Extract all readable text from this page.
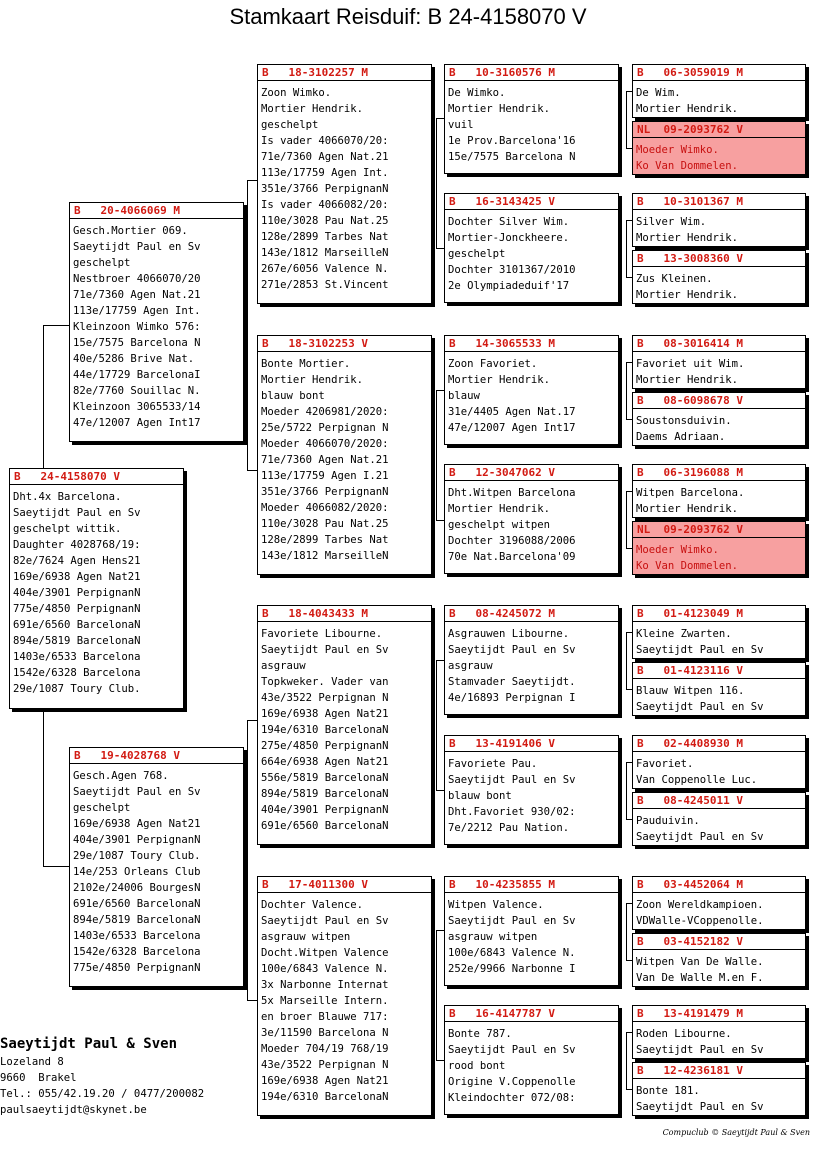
Stamkaart Reisduif: B 24-4158070 V
B   24-4158070 V
Dht.4x Barcelona.
Saeytijdt Paul en Sv
geschelpt wittik.
Daughter 4028768/19:
82e/7624 Agen Hens21
169e/6938 Agen Nat21
404e/3901 PerpignanN
775e/4850 PerpignanN
691e/6560 BarcelonaN
894e/5819 BarcelonaN
1403e/6533 Barcelona
1542e/6328 Barcelona
29e/1087 Toury Club.
B   20-4066069 M
Gesch.Mortier 069.
Saeytijdt Paul en Sv
geschelpt
Nestbroer 4066070/20
71e/7360 Agen Nat.21
113e/17759 Agen Int.
Kleinzoon Wimko 576:
15e/7575 Barcelona N
40e/5286 Brive Nat.
44e/17729 BarcelonaI
82e/7760 Souillac N.
Kleinzoon 3065533/14
47e/12007 Agen Int17
B   19-4028768 V
Gesch.Agen 768.
Saeytijdt Paul en Sv
geschelpt
169e/6938 Agen Nat21
404e/3901 PerpignanN
29e/1087 Toury Club.
14e/253 Orleans Club
2102e/24006 BourgesN
691e/6560 BarcelonaN
894e/5819 BarcelonaN
1403e/6533 Barcelona
1542e/6328 Barcelona
775e/4850 PerpignanN
B   18-3102257 M
Zoon Wimko.
Mortier Hendrik.
geschelpt
Is vader 4066070/20:
71e/7360 Agen Nat.21
113e/17759 Agen Int.
351e/3766 PerpignanN
Is vader 4066082/20:
110e/3028 Pau Nat.25
128e/2899 Tarbes Nat
143e/1812 MarseilleN
267e/6056 Valence N.
271e/2853 St.Vincent
B   18-3102253 V
Bonte Mortier.
Mortier Hendrik.
blauw bont
Moeder 4206981/2020:
25e/5722 Perpignan N
Moeder 4066070/2020:
71e/7360 Agen Nat.21
113e/17759 Agen I.21
351e/3766 PerpignanN
Moeder 4066082/2020:
110e/3028 Pau Nat.25
128e/2899 Tarbes Nat
143e/1812 MarseilleN
B   18-4043433 M
Favoriete Libourne.
Saeytijdt Paul en Sv
asgrauw
Topkweker. Vader van
43e/3522 Perpignan N
169e/6938 Agen Nat21
194e/6310 BarcelonaN
275e/4850 PerpignanN
664e/6938 Agen Nat21
556e/5819 BarcelonaN
894e/5819 BarcelonaN
404e/3901 PerpignanN
691e/6560 BarcelonaN
B   17-4011300 V
Dochter Valence.
Saeytijdt Paul en Sv
asgrauw witpen
Docht.Witpen Valence
100e/6843 Valence N.
3x Narbonne Internat
5x Marseille Intern.
en broer Blauwe 717:
3e/11590 Barcelona N
Moeder 704/19 768/19
43e/3522 Perpignan N
169e/6938 Agen Nat21
194e/6310 BarcelonaN
B   10-3160576 M
De Wimko.
Mortier Hendrik.
vuil
1e Prov.Barcelona'16
15e/7575 Barcelona N
B   16-3143425 V
Dochter Silver Wim.
Mortier-Jonckheere.
geschelpt
Dochter 3101367/2010
2e Olympiadeduif'17
B   14-3065533 M
Zoon Favoriet.
Mortier Hendrik.
blauw
31e/4405 Agen Nat.17
47e/12007 Agen Int17
B   12-3047062 V
Dht.Witpen Barcelona
Mortier Hendrik.
geschelpt witpen
Dochter 3196088/2006
70e Nat.Barcelona'09
B   08-4245072 M
Asgrauwen Libourne.
Saeytijdt Paul en Sv
asgrauw
Stamvader Saeytijdt.
4e/16893 Perpignan I
B   13-4191406 V
Favoriete Pau.
Saeytijdt Paul en Sv
blauw bont
Dht.Favoriet 930/02:
7e/2212 Pau Nation.
B   10-4235855 M
Witpen Valence.
Saeytijdt Paul en Sv
asgrauw witpen
100e/6843 Valence N.
252e/9966 Narbonne I
B   16-4147787 V
Bonte 787.
Saeytijdt Paul en Sv
rood bont
Origine V.Coppenolle
Kleindochter 072/08:
B   06-3059019 M
De Wim.
Mortier Hendrik.
NL  09-2093762 V
Moeder Wimko.
Ko Van Dommelen.
B   10-3101367 M
Silver Wim.
Mortier Hendrik.
B   13-3008360 V
Zus Kleinen.
Mortier Hendrik.
B   08-3016414 M
Favoriet uit Wim.
Mortier Hendrik.
B   08-6098678 V
Soustonsduivin.
Daems Adriaan.
B   06-3196088 M
Witpen Barcelona.
Mortier Hendrik.
NL  09-2093762 V
Moeder Wimko.
Ko Van Dommelen.
B   01-4123049 M
Kleine Zwarten.
Saeytijdt Paul en Sv
B   01-4123116 V
Blauw Witpen 116.
Saeytijdt Paul en Sv
B   02-4408930 M
Favoriet.
Van Coppenolle Luc.
B   08-4245011 V
Pauduivin.
Saeytijdt Paul en Sv
B   03-4452064 M
Zoon Wereldkampioen.
VDWalle-VCoppenolle.
B   03-4152182 V
Witpen Van De Walle.
Van De Walle M.en F.
B   13-4191479 M
Roden Libourne.
Saeytijdt Paul en Sv
B   12-4236181 V
Bonte 181.
Saeytijdt Paul en Sv
Saeytijdt Paul & Sven
Lozeland 8
9660  Brakel
Tel.: 055/42.19.20 / 0477/200082
paulsaeytijdt@skynet.be
Compuclub © Saeytijdt Paul & Sven
